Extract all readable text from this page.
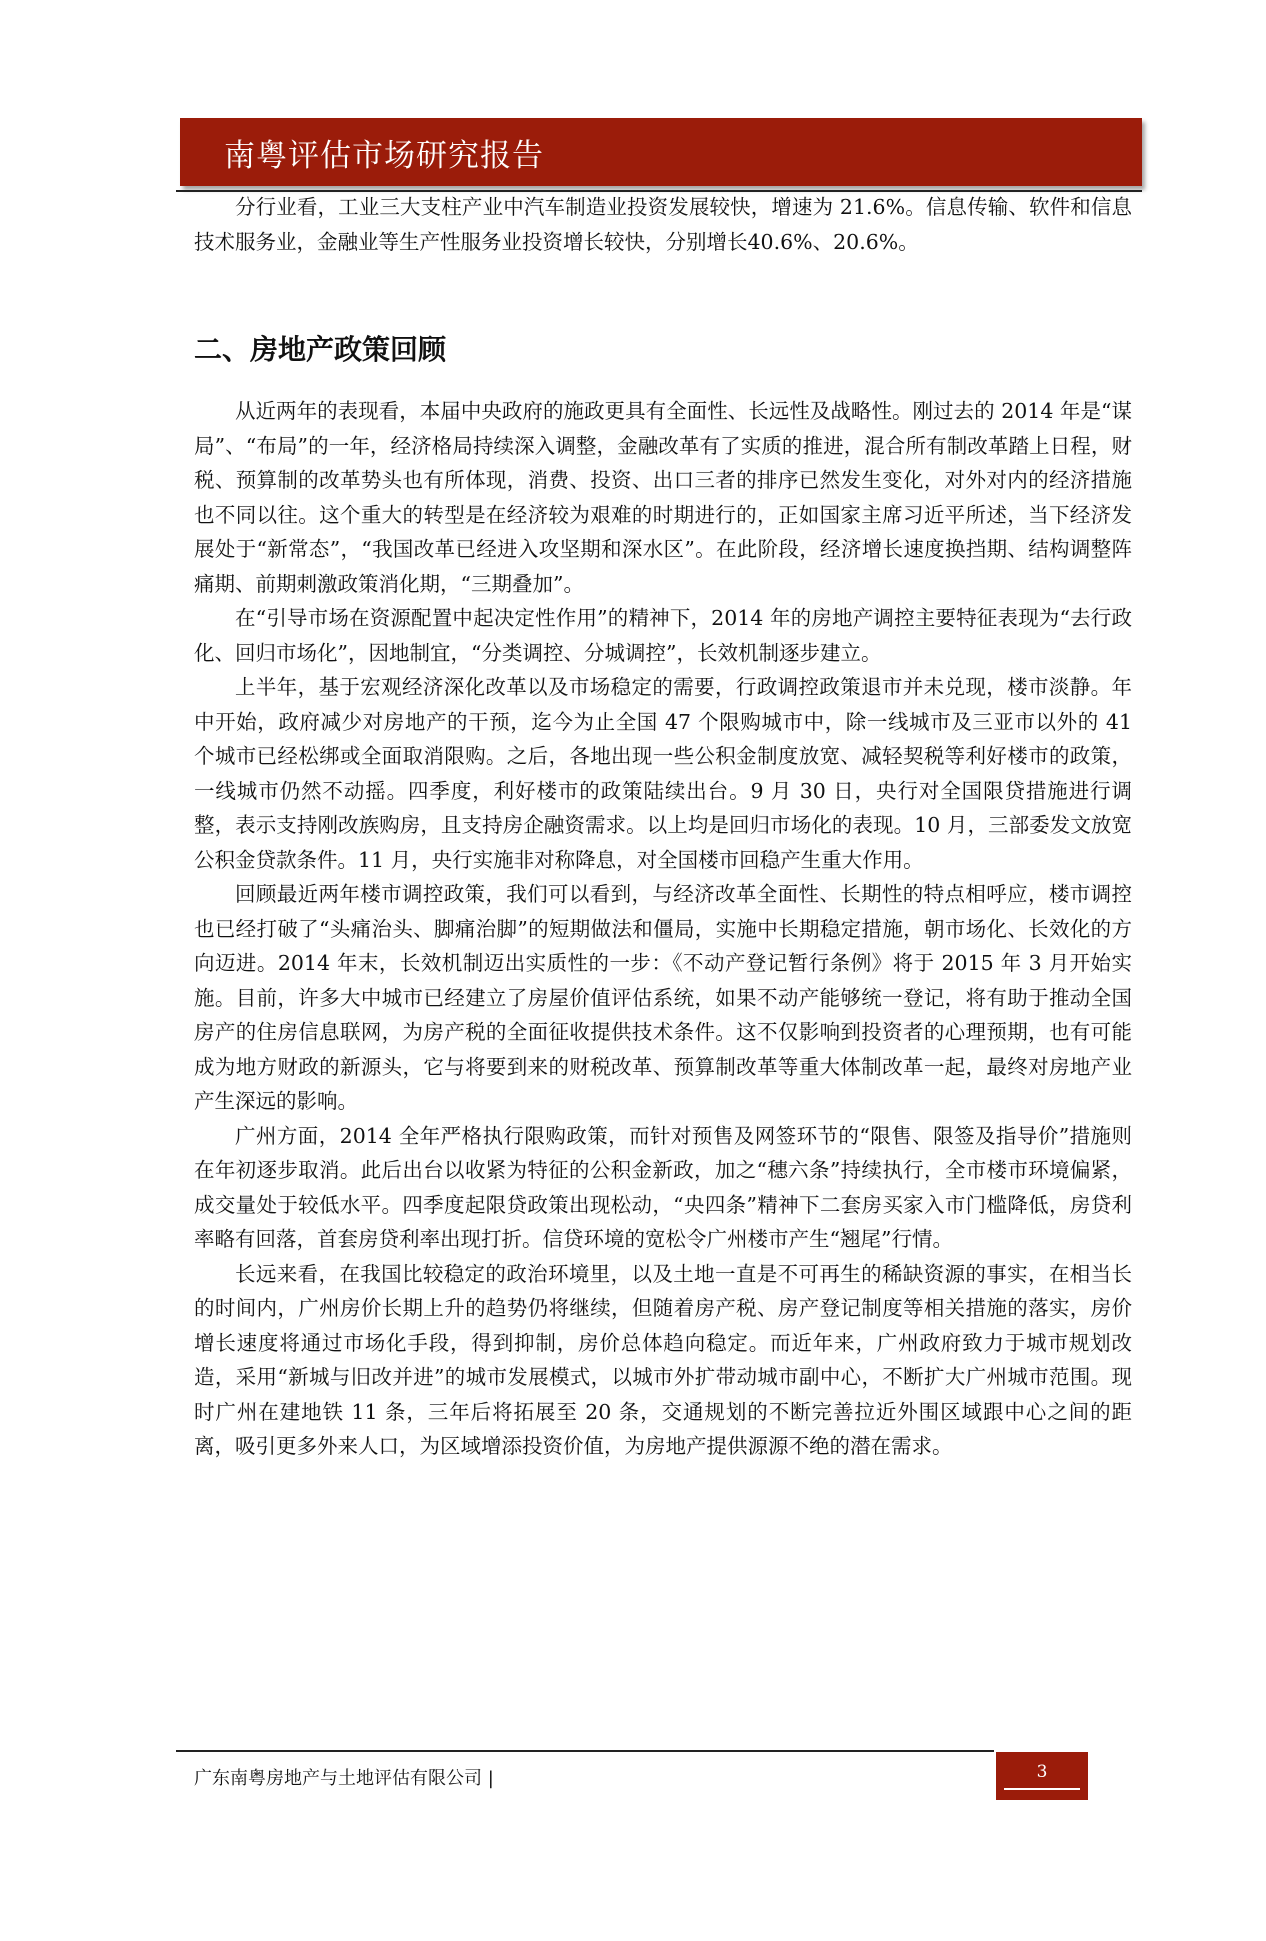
南粤评估市场研究报告

分行业看，工业三大支柱产业中汽车制造业投资发展较快，增速为 21.6%。信息传输、软件和信息技术服务业，金融业等生产性服务业投资增长较快，分别增长40.6%、20.6%。

二、房地产政策回顾

从近两年的表现看，本届中央政府的施政更具有全面性、长远性及战略性。刚过去的 2014 年是“谋局”、“布局”的一年，经济格局持续深入调整，金融改革有了实质的推进，混合所有制改革踏上日程，财税、预算制的改革势头也有所体现，消费、投资、出口三者的排序已然发生变化，对外对内的经济措施也不同以往。这个重大的转型是在经济较为艰难的时期进行的，正如国家主席习近平所述，当下经济发展处于“新常态”，“我国改革已经进入攻坚期和深水区”。在此阶段，经济增长速度换挡期、结构调整阵痛期、前期刺激政策消化期，“三期叠加”。

在“引导市场在资源配置中起决定性作用”的精神下，2014 年的房地产调控主要特征表现为“去行政化、回归市场化”，因地制宜，“分类调控、分城调控”，长效机制逐步建立。

上半年，基于宏观经济深化改革以及市场稳定的需要，行政调控政策退市并未兑现，楼市淡静。年中开始，政府减少对房地产的干预，迄今为止全国 47 个限购城市中，除一线城市及三亚市以外的 41 个城市已经松绑或全面取消限购。之后，各地出现一些公积金制度放宽、减轻契税等利好楼市的政策，一线城市仍然不动摇。四季度，利好楼市的政策陆续出台。9 月 30 日，央行对全国限贷措施进行调整，表示支持刚改族购房，且支持房企融资需求。以上均是回归市场化的表现。10 月，三部委发文放宽公积金贷款条件。11 月，央行实施非对称降息，对全国楼市回稳产生重大作用。

回顾最近两年楼市调控政策，我们可以看到，与经济改革全面性、长期性的特点相呼应，楼市调控也已经打破了“头痛治头、脚痛治脚”的短期做法和僵局，实施中长期稳定措施，朝市场化、长效化的方向迈进。2014 年末，长效机制迈出实质性的一步：《不动产登记暂行条例》将于 2015 年 3 月开始实施。目前，许多大中城市已经建立了房屋价值评估系统，如果不动产能够统一登记，将有助于推动全国房产的住房信息联网，为房产税的全面征收提供技术条件。这不仅影响到投资者的心理预期，也有可能成为地方财政的新源头，它与将要到来的财税改革、预算制改革等重大体制改革一起，最终对房地产业产生深远的影响。

广州方面，2014 全年严格执行限购政策，而针对预售及网签环节的“限售、限签及指导价”措施则在年初逐步取消。此后出台以收紧为特征的公积金新政，加之“穗六条”持续执行，全市楼市环境偏紧，成交量处于较低水平。四季度起限贷政策出现松动，“央四条”精神下二套房买家入市门槛降低，房贷利率略有回落，首套房贷利率出现打折。信贷环境的宽松令广州楼市产生“翘尾”行情。

长远来看，在我国比较稳定的政治环境里，以及土地一直是不可再生的稀缺资源的事实，在相当长的时间内，广州房价长期上升的趋势仍将继续，但随着房产税、房产登记制度等相关措施的落实，房价增长速度将通过市场化手段，得到抑制，房价总体趋向稳定。而近年来，广州政府致力于城市规划改造，采用“新城与旧改并进”的城市发展模式，以城市外扩带动城市副中心，不断扩大广州城市范围。现时广州在建地铁 11 条，三年后将拓展至 20 条，交通规划的不断完善拉近外围区域跟中心之间的距离，吸引更多外来人口，为区域增添投资价值，为房地产提供源源不绝的潜在需求。

广东南粤房地产与土地评估有限公司 |	3
